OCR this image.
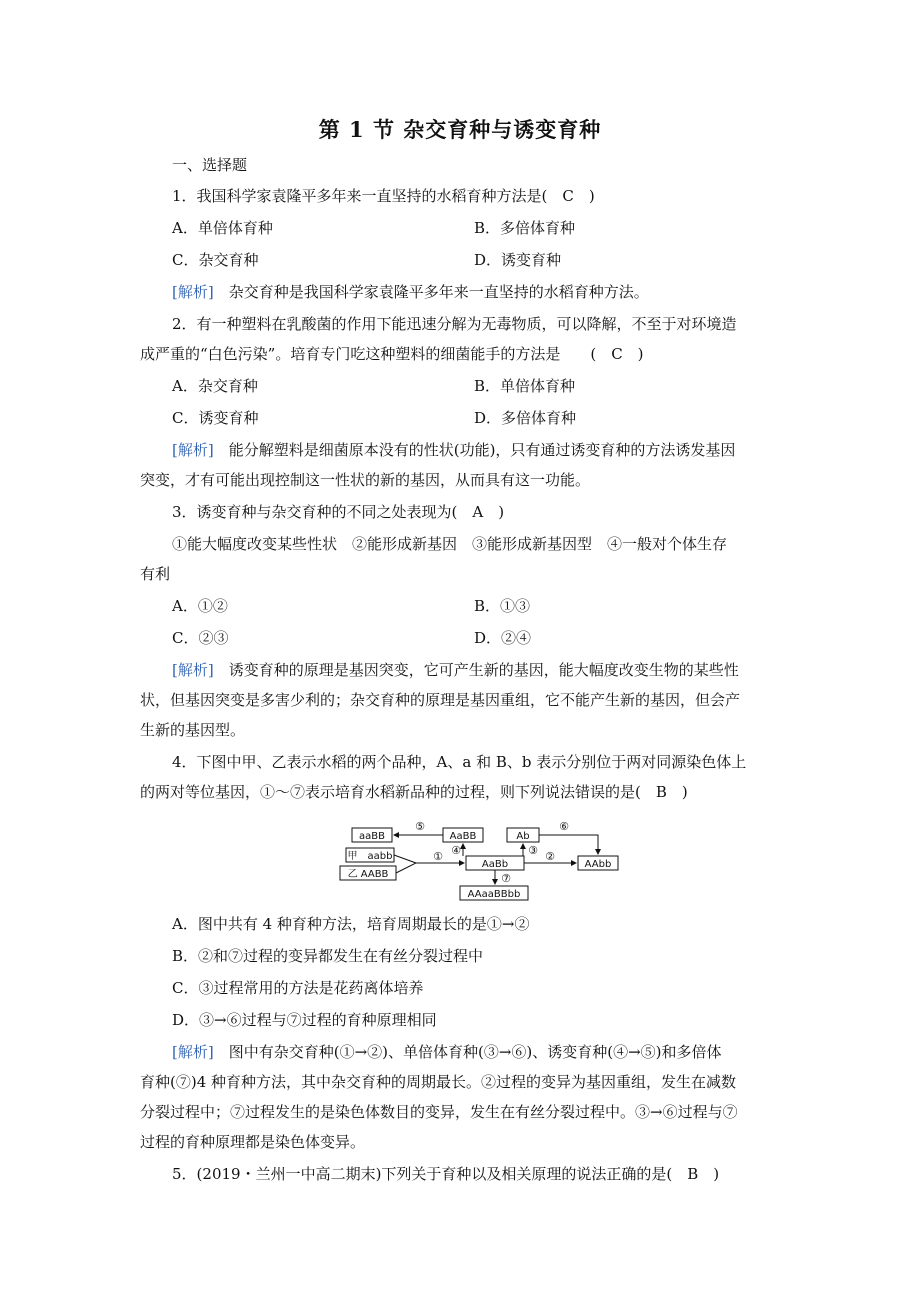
第 1 节 杂交育种与诱变育种
一、选择题
1．我国科学家袁隆平多年来一直坚持的水稻育种方法是(　C　)
A．单倍体育种	B．多倍体育种
C．杂交育种	D．诱变育种
[解析]　杂交育种是我国科学家袁隆平多年来一直坚持的水稻育种方法。
2．有一种塑料在乳酸菌的作用下能迅速分解为无毒物质，可以降解，不至于对环境造
成严重的“白色污染”。培育专门吃这种塑料的细菌能手的方法是　　(　C　)
A．杂交育种	B．单倍体育种
C．诱变育种	D．多倍体育种
[解析]　能分解塑料是细菌原本没有的性状(功能)，只有通过诱变育种的方法诱发基因
突变，才有可能出现控制这一性状的新的基因，从而具有这一功能。
3．诱变育种与杂交育种的不同之处表现为(　A　)
①能大幅度改变某些性状　②能形成新基因　③能形成新基因型　④一般对个体生存
有利
A．①②	B．①③
C．②③	D．②④
[解析]　诱变育种的原理是基因突变，它可产生新的基因，能大幅度改变生物的某些性
状，但基因突变是多害少利的；杂交育种的原理是基因重组，它不能产生新的基因，但会产
生新的基因型。
4．下图中甲、乙表示水稻的两个品种，A、a 和 B、b 表示分别位于两对同源染色体上
的两对等位基因，①～⑦表示培育水稻新品种的过程，则下列说法错误的是(　B　)
aaBB	AaBB	Ab
甲　aabb
乙 AABB
AaBb	AAbb
AAaaBBbb
⑤	⑥
④	③
①	②
⑦
A．图中共有 4 种育种方法，培育周期最长的是①→②
B．②和⑦过程的变异都发生在有丝分裂过程中
C．③过程常用的方法是花药离体培养
D．③→⑥过程与⑦过程的育种原理相同
[解析]　图中有杂交育种(①→②)、单倍体育种(③→⑥)、诱变育种(④→⑤)和多倍体
育种(⑦)4 种育种方法，其中杂交育种的周期最长。②过程的变异为基因重组，发生在减数
分裂过程中；⑦过程发生的是染色体数目的变异，发生在有丝分裂过程中。③→⑥过程与⑦
过程的育种原理都是染色体变异。
5．(2019・兰州一中高二期末)下列关于育种以及相关原理的说法正确的是(　B　)
